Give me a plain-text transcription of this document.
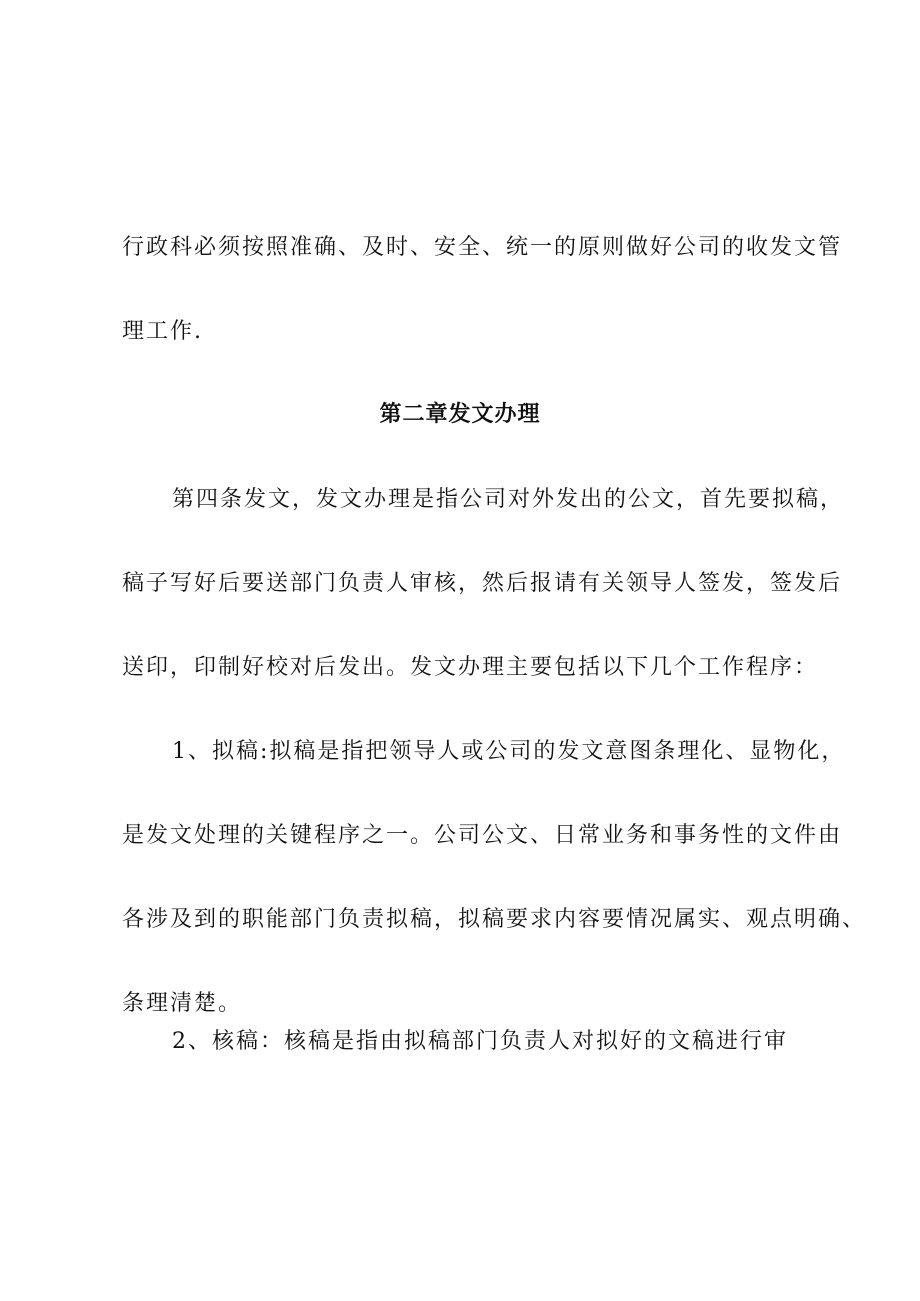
行政科必须按照准确、及时、安全、统一的原则做好公司的收发文管
理工作.
第二章发文办理
第四条发文，发文办理是指公司对外发出的公文，首先要拟稿，
稿子写好后要送部门负责人审核，然后报请有关领导人签发，签发后
送印，印制好校对后发出。发文办理主要包括以下几个工作程序：
1、拟稿:拟稿是指把领导人或公司的发文意图条理化、显物化，
是发文处理的关键程序之一。公司公文、日常业务和事务性的文件由
各涉及到的职能部门负责拟稿，拟稿要求内容要情况属实、观点明确、
条理清楚。
2、核稿：核稿是指由拟稿部门负责人对拟好的文稿进行审
